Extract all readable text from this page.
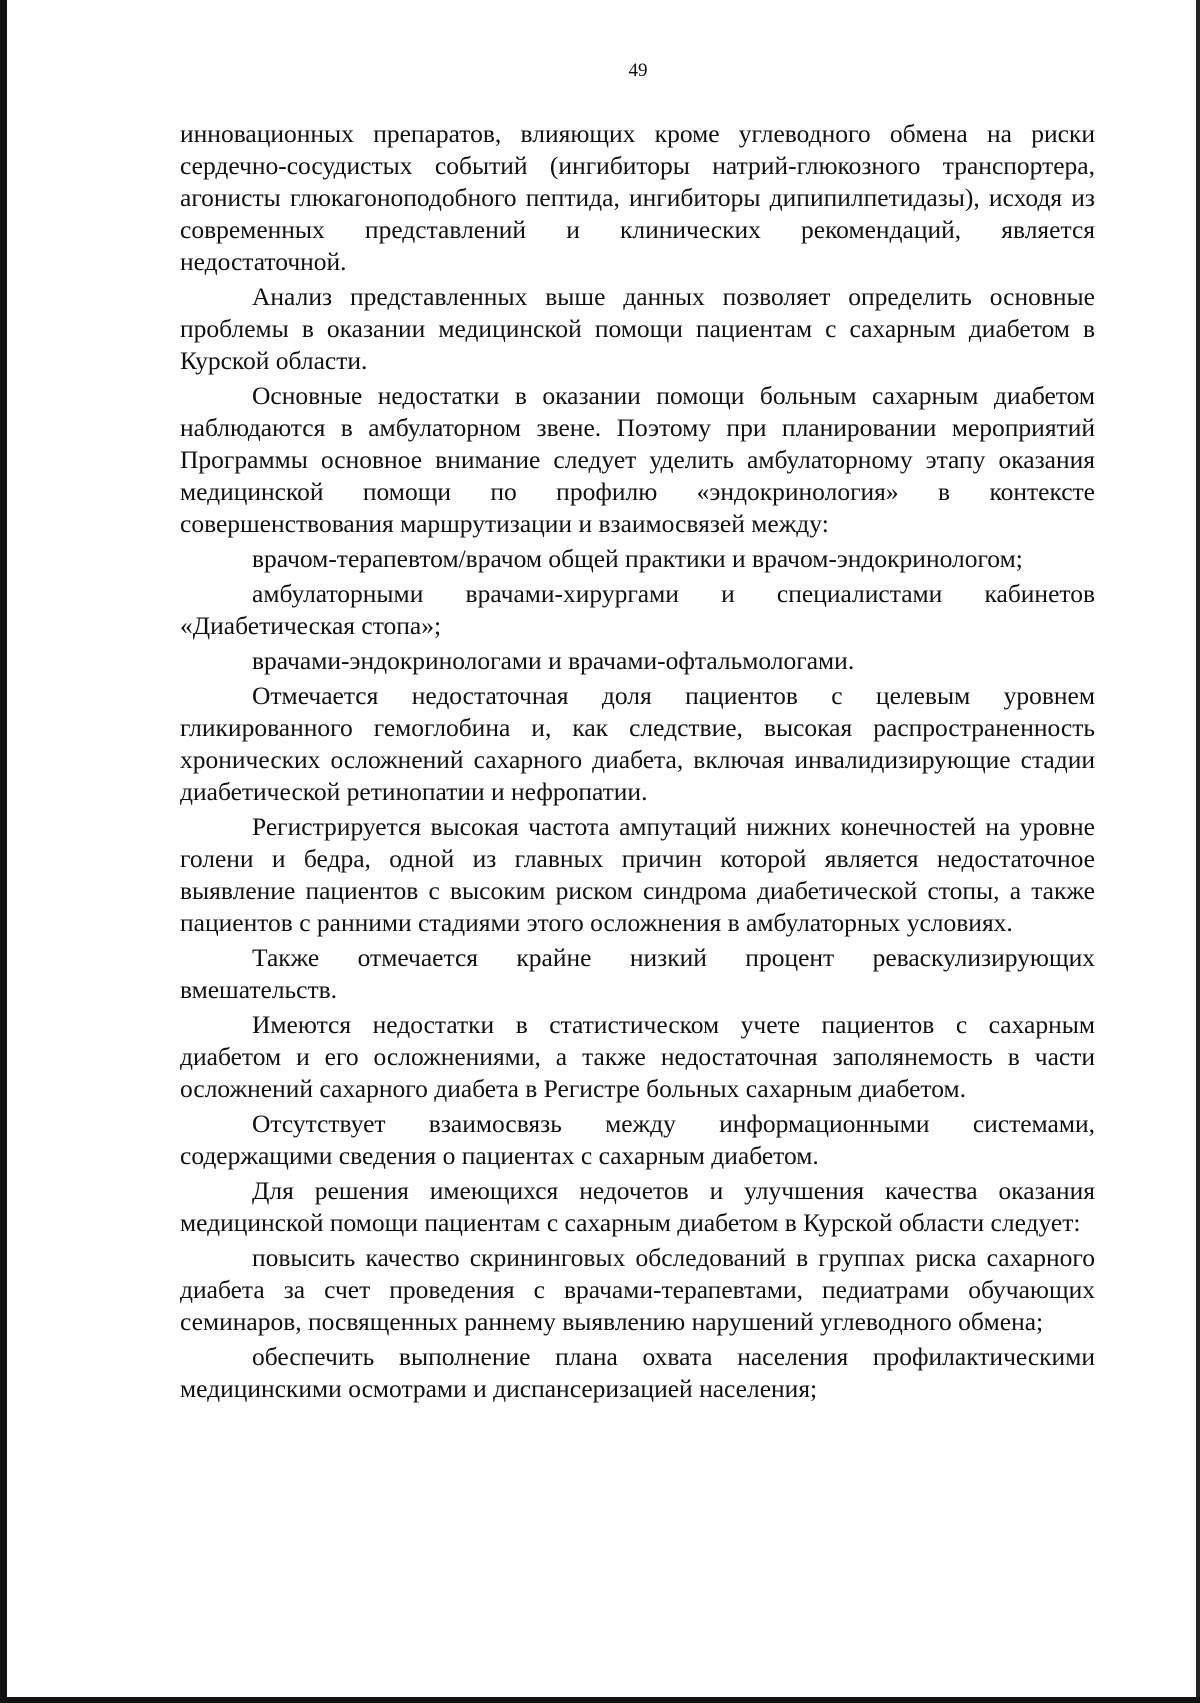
49

инновационных препаратов, влияющих кроме углеводного обмена на риски сердечно-сосудистых событий (ингибиторы натрий-глюкозного транспортера, агонисты глюкагоноподобного пептида, ингибиторы дипипилпетидазы), исходя из современных представлений и клинических рекомендаций, является недостаточной.

Анализ представленных выше данных позволяет определить основные проблемы в оказании медицинской помощи пациентам с сахарным диабетом в Курской области.

Основные недостатки в оказании помощи больным сахарным диабетом наблюдаются в амбулаторном звене. Поэтому при планировании мероприятий Программы основное внимание следует уделить амбулаторному этапу оказания медицинской помощи по профилю «эндокринология» в контексте совершенствования маршрутизации и взаимосвязей между:

врачом-терапевтом/врачом общей практики и врачом-эндокринологом;

амбулаторными врачами-хирургами и специалистами кабинетов «Диабетическая стопа»;

врачами-эндокринологами и врачами-офтальмологами.

Отмечается недостаточная доля пациентов с целевым уровнем гликированного гемоглобина и, как следствие, высокая распространенность хронических осложнений сахарного диабета, включая инвалидизирующие стадии диабетической ретинопатии и нефропатии.

Регистрируется высокая частота ампутаций нижних конечностей на уровне голени и бедра, одной из главных причин которой является недостаточное выявление пациентов с высоким риском синдрома диабетической стопы, а также пациентов с ранними стадиями этого осложнения в амбулаторных условиях.

Также отмечается крайне низкий процент реваскулизирующих вмешательств.

Имеются недостатки в статистическом учете пациентов с сахарным диабетом и его осложнениями, а также недостаточная заполянемость в части осложнений сахарного диабета в Регистре больных сахарным диабетом.

Отсутствует взаимосвязь между информационными системами, содержащими сведения о пациентах с сахарным диабетом.

Для решения имеющихся недочетов и улучшения качества оказания медицинской помощи пациентам с сахарным диабетом в Курской области следует:

повысить качество скрининговых обследований в группах риска сахарного диабета за счет проведения с врачами-терапевтами, педиатрами обучающих семинаров, посвященных раннему выявлению нарушений углеводного обмена;

обеспечить выполнение плана охвата населения профилактическими медицинскими осмотрами и диспансеризацией населения;
